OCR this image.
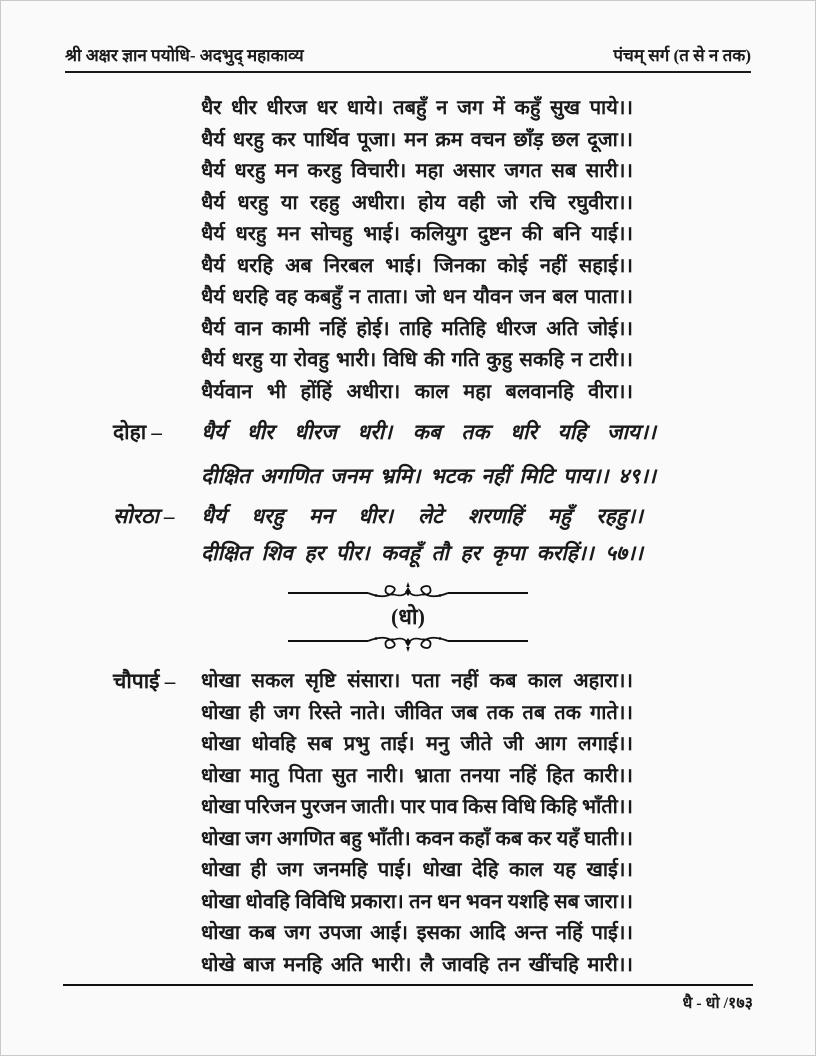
श्री अक्षर ज्ञान पयोधि- अदभुद् महाकाव्य	पंचम् सर्ग (त से न तक)
धैर धीर धीरज धर धाये। तबहुँ न जग में कहुँ सुख पाये।।
धैर्य धरहु कर पार्थिव पूजा। मन क्रम वचन छाँड़ छल दूजा।।
धैर्य धरहु मन करहु विचारी। महा असार जगत सब सारी।।
धैर्य धरहु या रहहु अधीरा। होय वही जो रचि रघुवीरा।।
धैर्य धरहु मन सोचहु भाई। कलियुग दुष्टन की बनि याई।।
धैर्य धरहि अब निरबल भाई। जिनका कोई नहीं सहाई।।
धैर्य धरहि वह कबहुँ न ताता। जो धन यौवन जन बल पाता।।
धैर्य वान कामी नहिं होई। ताहि मतिहि धीरज अति जोई।।
धैर्य धरहु या रोवहु भारी। विधि की गति कुहु सकहि न टारी।।
धैर्यवान भी होंहिं अधीरा। काल महा बलवानहि वीरा।।
दोहा –	धैर्य धीर धीरज धरी। कब तक धरि यहि जाय।।
दीक्षित अगणित जनम भ्रमि। भटक नहीं मिटि पाय।। ४९।।
सोरठा –	धैर्य धरहु मन धीर। लेटे शरणहिं महुँ रहहु।।
दीक्षित शिव हर पीर। कवहूँ तौ हर कृपा करहिं।। ५७।।
(धो)
चौपाई –	धोखा सकल सृष्टि संसारा। पता नहीं कब काल अहारा।।
धोखा ही जग रिस्ते नाते। जीवित जब तक तब तक गाते।।
धोखा धोवहि सब प्रभु ताई। मनु जीते जी आग लगाई।।
धोखा मातु पिता सुत नारी। भ्राता तनया नहिं हित कारी।।
धोखा परिजन पुरजन जाती। पार पाव किस विधि किहि भाँती।।
धोखा जग अगणित बहु भाँती। कवन कहाँ कब कर यहँ घाती।।
धोखा ही जग जनमहि पाई। धोखा देहि काल यह खाई।।
धोखा धोवहि विविधि प्रकारा। तन धन भवन यशहि सब जारा।।
धोखा कब जग उपजा आई। इसका आदि अन्त नहिं पाई।।
धोखे बाज मनहि अति भारी। लै जावहि तन खींचहि मारी।।
धै - धो /१७३
